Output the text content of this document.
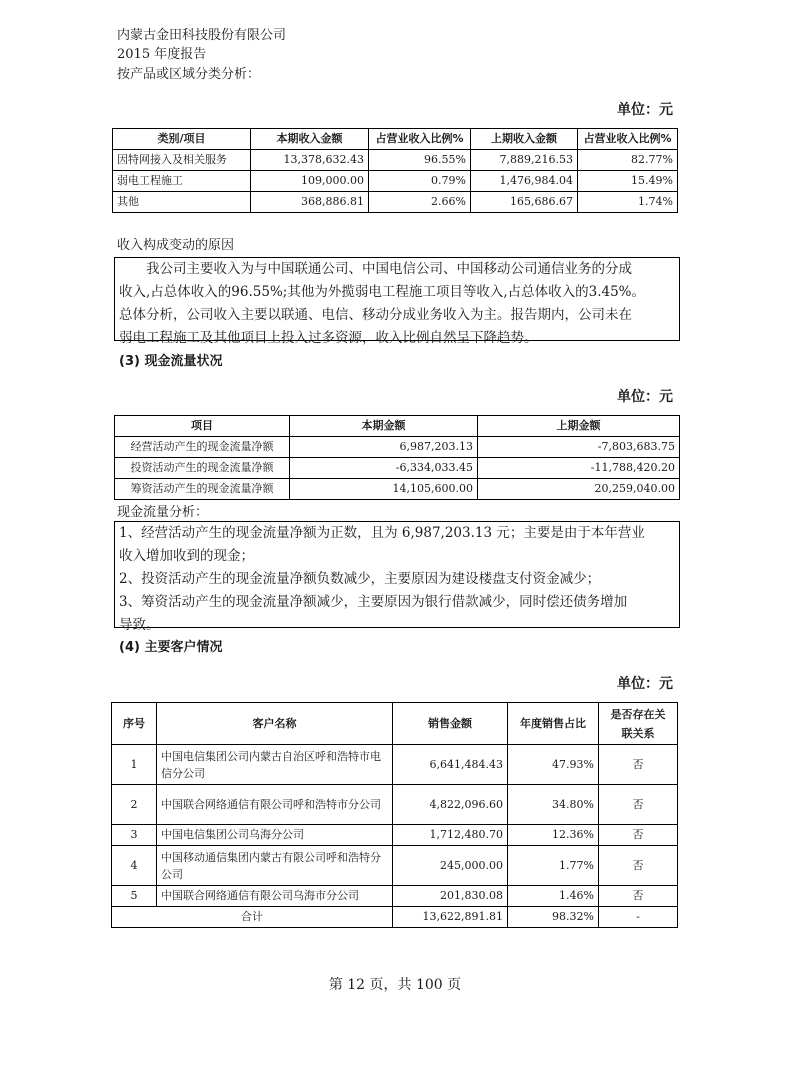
内蒙古金田科技股份有限公司
2015 年度报告
按产品或区域分类分析：
单位：元
类别/项目	本期收入金额	占营业收入比例%	上期收入金额	占营业收入比例%
因特网接入及相关服务	13,378,632.43	96.55%	7,889,216.53	82.77%
弱电工程施工	109,000.00	0.79%	1,476,984.04	15.49%
其他	368,886.81	2.66%	165,686.67	1.74%
收入构成变动的原因

　　我公司主要收入为与中国联通公司、中国电信公司、中国移动公司通信业务的分成

收入,占总体收入的96.55%;其他为外揽弱电工程施工项目等收入,占总体收入的3.45%。

总体分析，公司收入主要以联通、电信、移动分成业务收入为主。报告期内，公司未在

弱电工程施工及其他项目上投入过多资源，收入比例自然呈下降趋势。

(3) 现金流量状况
单位：元
项目	本期金额	上期金额
经营活动产生的现金流量净额	6,987,203.13	-7,803,683.75
投资活动产生的现金流量净额	-6,334,033.45	-11,788,420.20
筹资活动产生的现金流量净额	14,105,600.00	20,259,040.00
现金流量分析：

1、经营活动产生的现金流量净额为正数，且为 6,987,203.13 元；主要是由于本年营业

收入增加收到的现金；

2、投资活动产生的现金流量净额负数减少，主要原因为建设楼盘支付资金减少；

3、筹资活动产生的现金流量净额减少，主要原因为银行借款减少，同时偿还债务增加

导致。

(4) 主要客户情况
单位：元
序号	客户名称	销售金额	年度销售占比	是否存在关联关系
1	中国电信集团公司内蒙古自治区呼和浩特市电信分公司	6,641,484.43	47.93%	否
2	中国联合网络通信有限公司呼和浩特市分公司	4,822,096.60	34.80%	否
3	中国电信集团公司乌海分公司	1,712,480.70	12.36%	否
4	中国移动通信集团内蒙古有限公司呼和浩特分公司	245,000.00	1.77%	否
5	中国联合网络通信有限公司乌海市分公司	201,830.08	1.46%	否
合计		13,622,891.81	98.32%	-
第 12 页，共 100 页
